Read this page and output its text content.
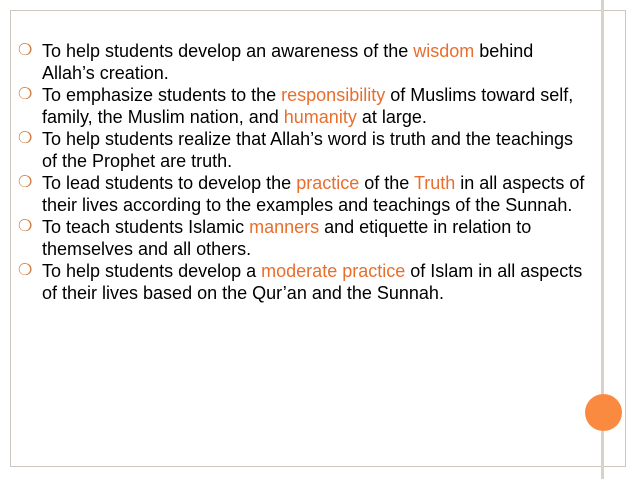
❍ To help students develop an awareness of the wisdom behind Allah’s creation.
❍ To emphasize students to the responsibility of Muslims toward self, family, the Muslim nation, and humanity at large.
❍ To help students realize that Allah’s word is truth and the teachings of the Prophet are truth.
❍ To lead students to develop the practice of the Truth in all aspects of their lives according to the examples and teachings of the Sunnah.
❍ To teach students Islamic manners and etiquette in relation to themselves and all others.
❍ To help students develop a moderate practice of Islam in all aspects of their lives based on the Qur’an and the Sunnah.
